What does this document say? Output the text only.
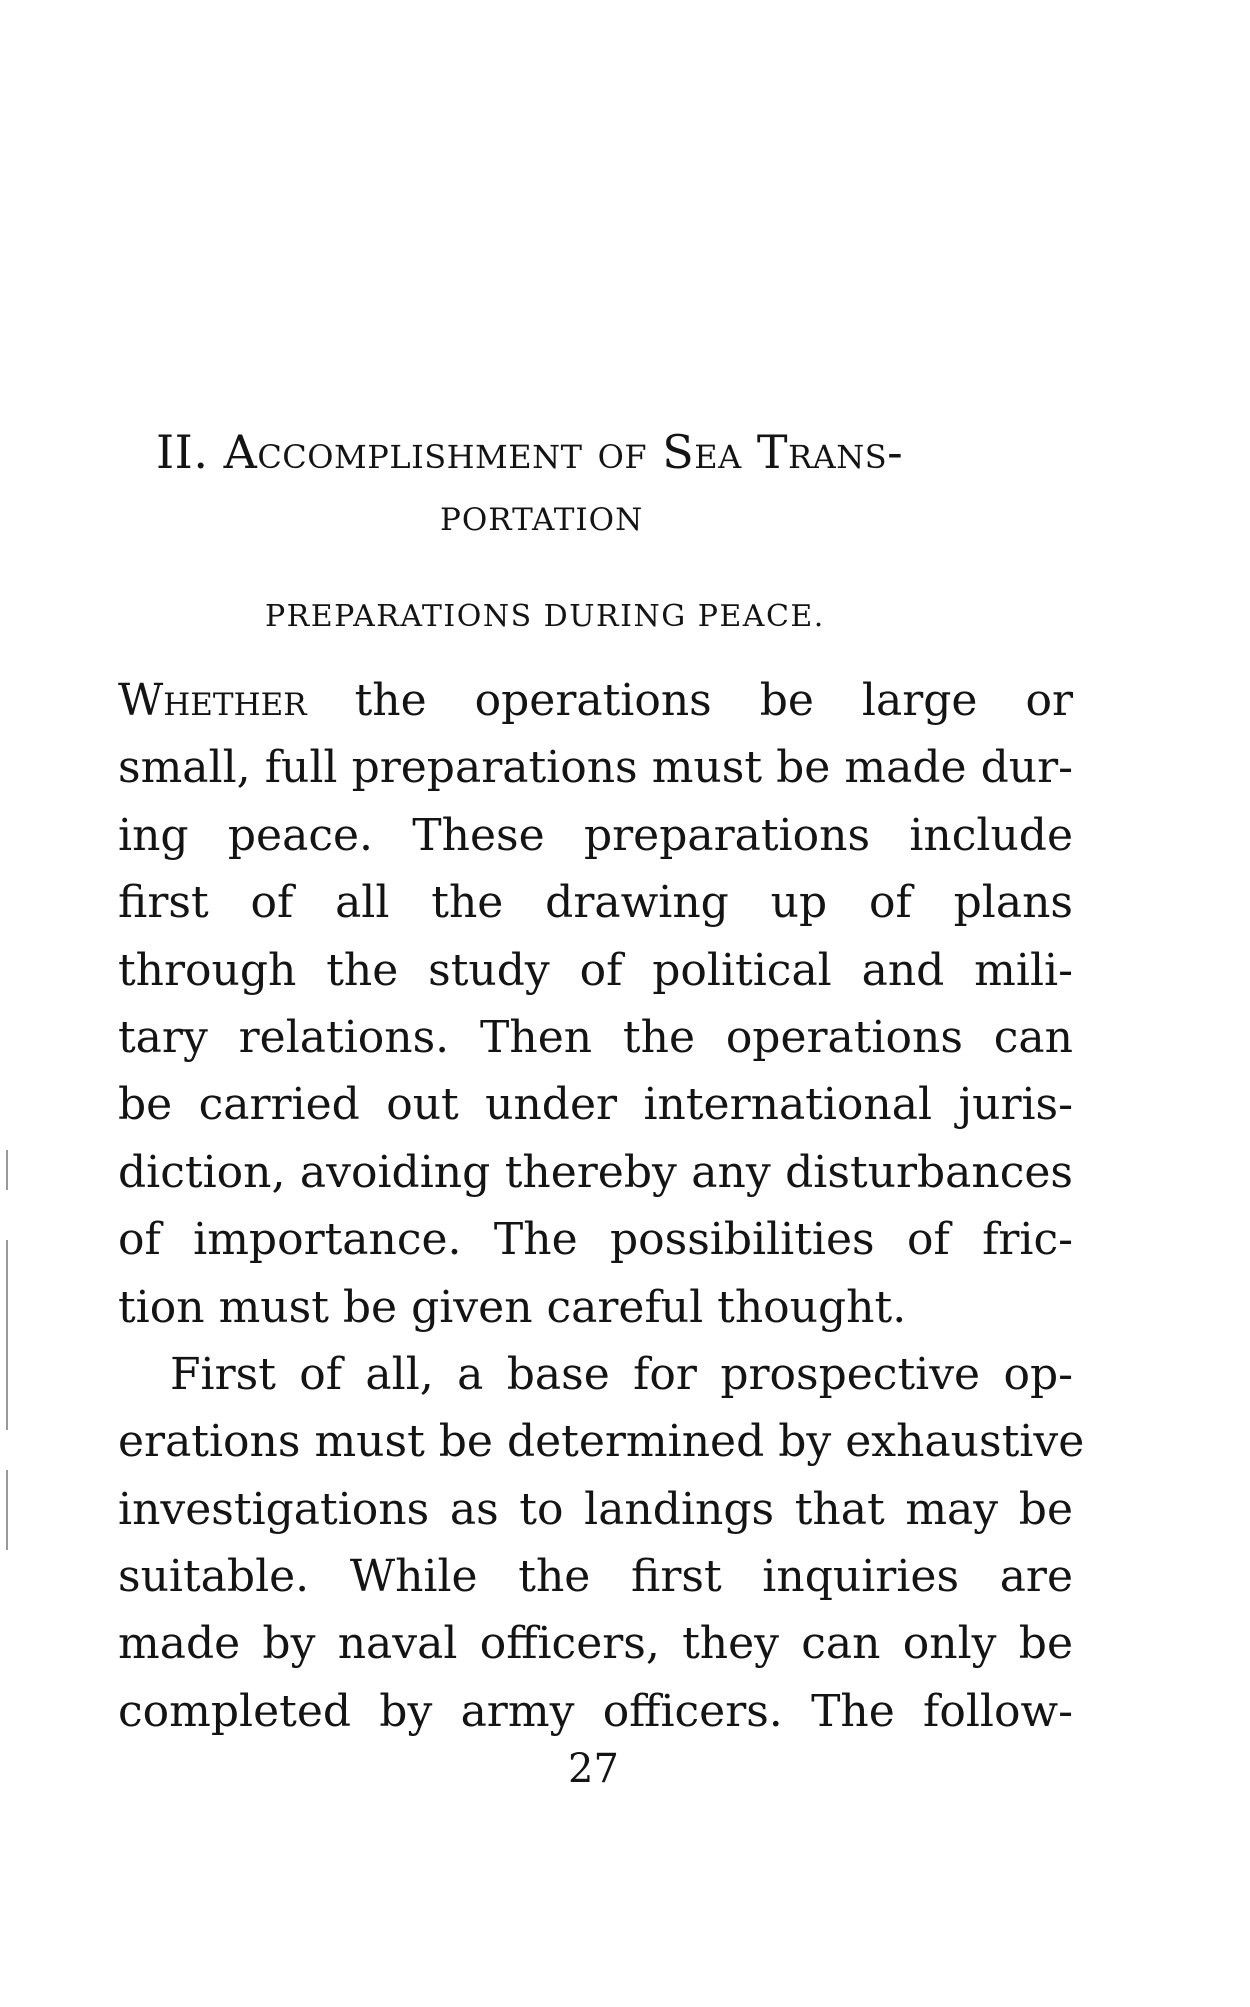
II. Accomplishment of Sea Trans-
PORTATION
PREPARATIONS DURING PEACE.
Whether the operations be large or
small, full preparations must be made dur-
ing peace. These preparations include
first of all the drawing up of plans
through the study of political and mili-
tary relations. Then the operations can
be carried out under international juris-
diction, avoiding thereby any disturbances
of importance. The possibilities of fric-
tion must be given careful thought.
First of all, a base for prospective op-
erations must be determined by exhaustive
investigations as to landings that may be
suitable. While the first inquiries are
made by naval officers, they can only be
completed by army officers. The follow-
27
